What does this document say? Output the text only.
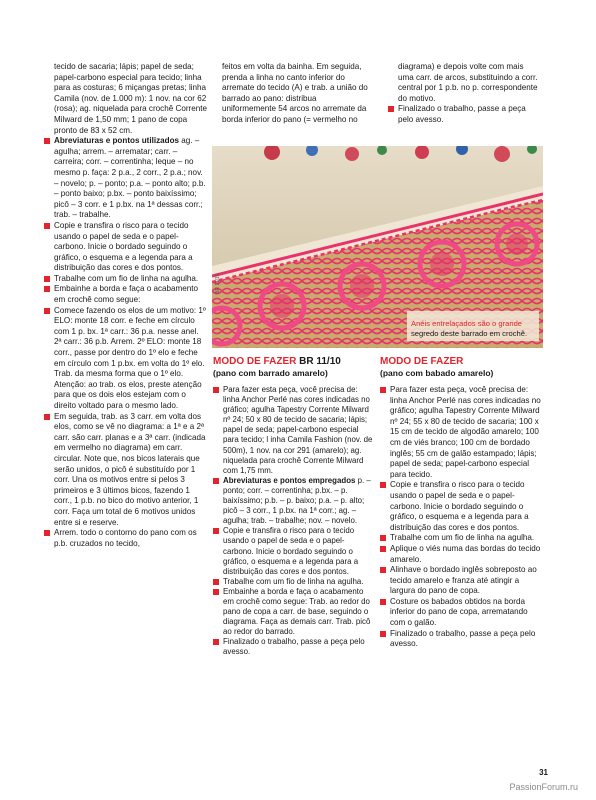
tecido de sacaria; lápis; papel de seda; papel-carbono especial para tecido; linha para as costuras; 6 miçangas pretas; linha Camila (nov. de 1.000 m): 1 nov. na cor 62 (rosa); ag. niquelada para crochê Corrente Milward de 1,50 mm; 1 pano de copa pronto de 83 x 52 cm.

Abreviaturas e pontos utilizados ag. – agulha; arrem. – arrematar; carr. – carreira; corr. – correntinha; leque – no mesmo p. faça: 2 p.a., 2 corr., 2 p.a.; nov. – novelo; p. – ponto; p.a. – ponto alto; p.b. – ponto baixo; p.bx. – ponto baixíssimo; picô – 3 corr. e 1 p.bx. na 1ª dessas corr.; trab. – trabalhe.
Copie e transfira o risco para o tecido usando o papel de seda e o papel-carbono. Inicie o bordado seguindo o gráfico, o esquema e a legenda para a distribuição das cores e dos pontos.
Trabalhe com um fio de linha na agulha.
Embainhe a borda e faça o acabamento em crochê como segue:
Comece fazendo os elos de um motivo: 1º ELO: monte 18 corr. e feche em círculo com 1 p. bx. 1ª carr.: 36 p.a. nesse anel. 2ª carr.: 36 p.b. Arrem. 2º ELO: monte 18 corr., passe por dentro do 1º elo e feche em círculo com 1 p.bx. em volta do 1º elo. Trab. da mesma forma que o 1º elo. Atenção: ao trab. os elos, preste atenção para que os dois elos estejam com o direito voltado para o mesmo lado.
Em seguida, trab. as 3 carr. em volta dos elos, como se vê no diagrama: a 1ª e a 2ª carr. são carr. planas e a 3ª carr. (indicada em vermelho no diagrama) em carr. circular. Note que, nos bicos laterais que serão unidos, o picô é substituído por 1 corr. Una os motivos entre si pelos 3 primeiros e 3 últimos bicos, fazendo 1 corr., 1 p.b. no bico do motivo anterior, 1 corr. Faça um total de 6 motivos unidos entre si e reserve.
Arrem. todo o contorno do pano com os p.b. cruzados no tecido,

feitos em volta da bainha. Em seguida, prenda a linha no canto inferior do arremate do tecido (A) e trab. a união do barrado ao pano: distribua uniformemente 54 arcos no arremate da borda inferior do pano (= vermelho no

diagrama) e depois volte com mais uma carr. de arcos, substituindo a corr. central por 1 p.b. no p. correspondente do motivo.

Finalizado o trabalho, passe a peça pelo avesso.
BR 11/10
Anéis entrelaçados são o grande segredo deste barrado em crochê.
MODO DE FAZER BR 11/10
(pano com barrado amarelo)
Para fazer esta peça, você precisa de: linha Anchor Perlé nas cores indicadas no gráfico; agulha Tapestry Corrente Milward nº 24; 50 x 80 de tecido de sacaria; lápis; papel de seda; papel-carbono especial para tecido; l inha Camila Fashion (nov. de 500m), 1 nov. na cor 291 (amarelo); ag. niquelada para crochê Corrente Milward com 1,75 mm.
Abreviaturas e pontos empregados p. – ponto; corr. – correntinha; p.bx. – p. baixíssimo; p.b. – p. baixo; p.a. – p. alto; picô – 3 corr., 1 p.bx. na 1ª corr.; ag. – agulha; trab. – trabalhe; nov. – novelo.
Copie e transfira o risco para o tecido usando o papel de seda e o papel-carbono. Inicie o bordado seguindo o gráfico, o esquema e a legenda para a distribuição das cores e dos pontos.
Trabalhe com um fio de linha na agulha.
Embainhe a borda e faça o acabamento em crochê como segue: Trab. ao redor do pano de copa a carr. de base, seguindo o diagrama. Faça as demais carr. Trab. picô ao redor do barrado.
Finalizado o trabalho, passe a peça pelo avesso.
MODO DE FAZER
(pano com babado amarelo)
Para fazer esta peça, você precisa de: linha Anchor Perlé nas cores indicadas no gráfico; agulha Tapestry Corrente Milward nº 24; 55 x 80 de tecido de sacaria; 100 x 15 cm de tecido de algodão amarelo; 100 cm de viés branco; 100 cm de bordado inglês; 55 cm de galão estampado; lápis; papel de seda; papel-carbono especial para tecido.
Copie e transfira o risco para o tecido usando o papel de seda e o papel-carbono. Inicie o bordado seguindo o gráfico, o esquema e a legenda para a distribuição das cores e dos pontos.
Trabalhe com um fio de linha na agulha.
Aplique o viés numa das bordas do tecido amarelo.
Alinhave o bordado inglês sobreposto ao tecido amarelo e franza até atingir a largura do pano de copa.
Costure os babados obtidos na borda inferior do pano de copa, arrematando com o galão.
Finalizado o trabalho, passe a peça pelo avesso.
31
PassionForum.ru
